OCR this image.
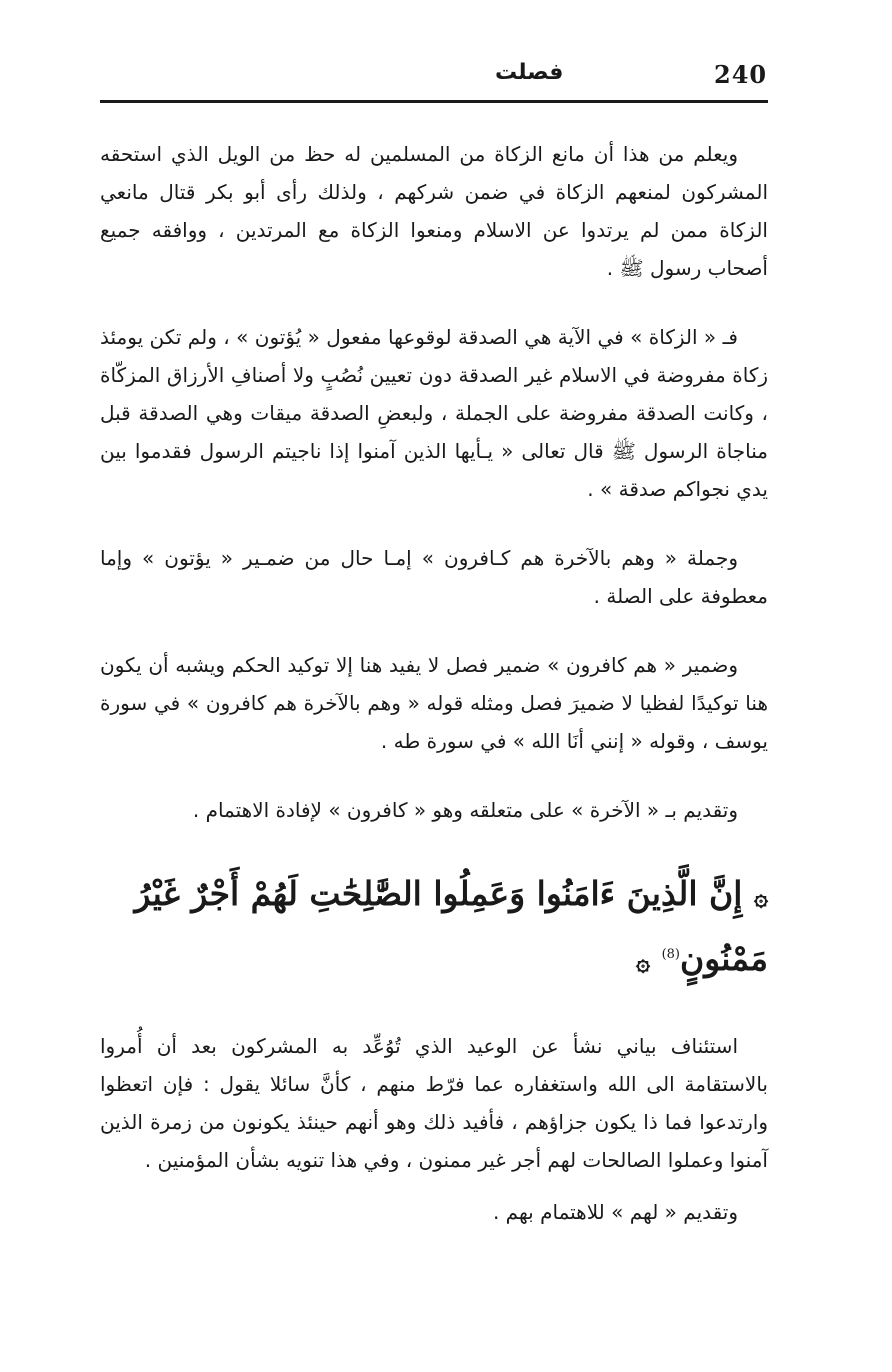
240
فصلت

ويعلم من هذا أن مانع الزكاة من المسلمين له حظ من الويل الذي استحقه المشركون لمنعهم الزكاة في ضمن شركهم ، ولذلك رأى أبو بكر قتال مانعي الزكاة ممن لم يرتدوا عن الاسلام ومنعوا الزكاة مع المرتدين ، ووافقه جميع أصحاب رسول ﷺ .

فـ « الزكاة » في الآية هي الصدقة لوقوعها مفعول « يُؤتون » ، ولم تكن يومئذ زكاة مفروضة في الاسلام غير الصدقة دون تعيين نُصُبٍ ولا أصنافِ الأرزاق المزكّاة ، وكانت الصدقة مفروضة على الجملة ، ولبعضِ الصدقة ميقات وهي الصدقة قبل مناجاة الرسول ﷺ قال تعالى « يـأيها الذين آمنوا إذا ناجيتم الرسول فقدموا بين يدي نجواكم صدقة » .

وجملة « وهم بالآخرة هم كـافرون » إمـا حال من ضمـير « يؤتون » وإما معطوفة على الصلة .

وضمير « هم كافرون » ضمير فصل لا يفيد هنا إلا توكيد الحكم ويشبه أن يكون هنا توكيدًا لفظيا لا ضميرَ فصل ومثله قوله « وهم بالآخرة هم كافرون » في سورة يوسف ، وقوله « إنني أنَا الله » في سورة طه .

وتقديم بـ « الآخرة » على متعلقه وهو « كافرون » لإفادة الاهتمام .

۞ إِنَّ الَّذِينَ ءَامَنُوا وَعَمِلُوا الصَّٰلِحَٰتِ لَهُمْ أَجْرٌ غَيْرُ مَمْنُونٍ$^{(8)}$ ۞

استئناف بياني نشأ عن الوعيد الذي تُوُعِّد به المشركون بعد أن أُمروا بالاستقامة الى الله واستغفاره عما فرّط منهم ، كأنَّ سائلا يقول : فإن اتعظوا وارتدعوا فما ذا يكون جزاؤهم ، فأفيد ذلك وهو أنهم حينئذ يكونون من زمرة الذين آمنوا وعملوا الصالحات لهم أجر غير ممنون ، وفي هذا تنويه بشأن المؤمنين .

وتقديم « لهم » للاهتمام بهم .
